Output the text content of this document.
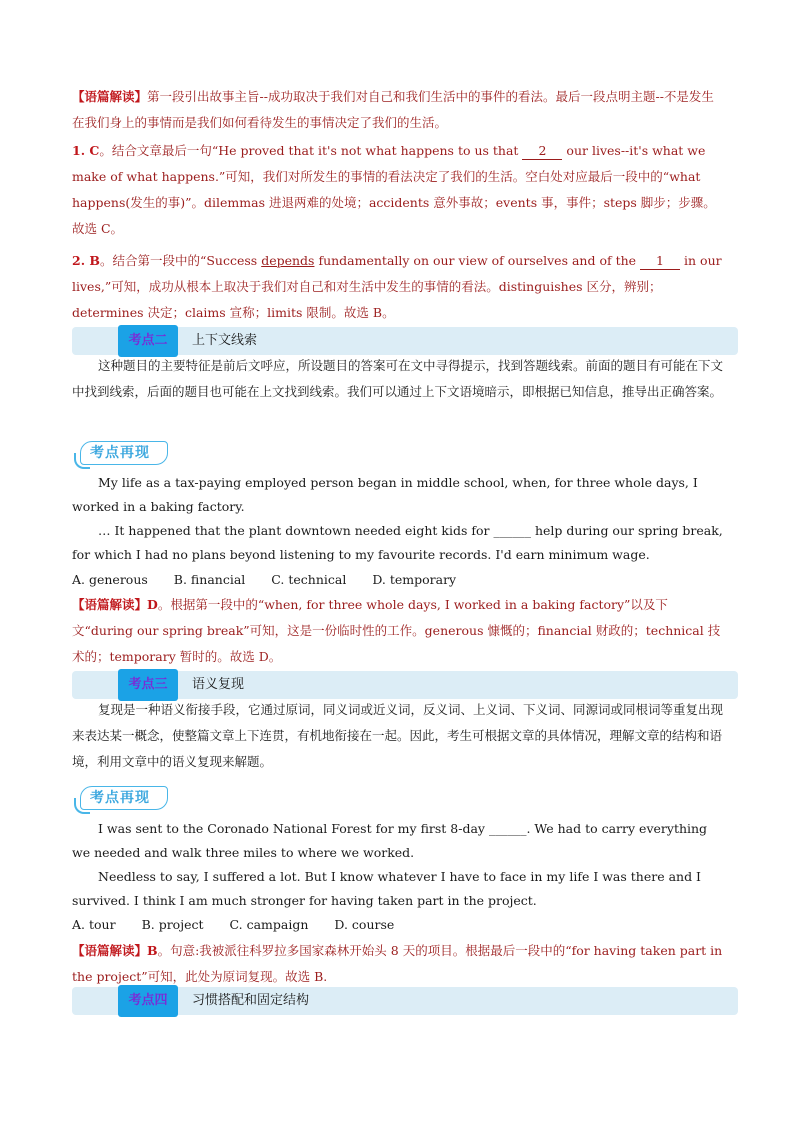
【语篇解读】第一段引出故事主旨--成功取决于我们对自己和我们生活中的事件的看法。最后一段点明主题--不是发生在我们身上的事情而是我们如何看待发生的事情决定了我们的生活。

1. C。结合文章最后一句“He proved that it's not what happens to us that 2 our lives--it's what we make of what happens.”可知，我们对所发生的事情的看法决定了我们的生活。空白处对应最后一段中的“what happens(发生的事)”。dilemmas 进退两难的处境；accidents 意外事故；events 事，事件；steps 脚步；步骤。故选 C。

2. B。结合第一段中的“Success depends fundamentally on our view of ourselves and of the 1 in our lives,”可知，成功从根本上取决于我们对自己和对生活中发生的事情的看法。distinguishes 区分，辨别；determines 决定；claims 宣称；limits 限制。故选 B。

考点二	上下文线索

这种题目的主要特征是前后文呼应，所设题目的答案可在文中寻得提示，找到答题线索。前面的题目有可能在下文中找到线索，后面的题目也可能在上文找到线索。我们可以通过上下文语境暗示，即根据已知信息，推导出正确答案。

考点再现

My life as a tax-paying employed person began in middle school, when, for three whole days, I worked in a baking factory.

… It happened that the plant downtown needed eight kids for ______ help during our spring break, for which I had no plans beyond listening to my favourite records. I'd earn minimum wage.

A. generous B. financial C. technical D. temporary

【语篇解读】D。根据第一段中的“when, for three whole days, I worked in a baking factory”以及下文“during our spring break”可知，这是一份临时性的工作。generous 慷慨的；financial 财政的；technical 技术的；temporary 暂时的。故选 D。

考点三	语义复现

复现是一种语义衔接手段，它通过原词，同义词或近义词，反义词、上义词、下义词、同源词或同根词等重复出现来表达某一概念，使整篇文章上下连贯，有机地衔接在一起。因此，考生可根据文章的具体情况，理解文章的结构和语境，利用文章中的语义复现来解题。

考点再现

I was sent to the Coronado National Forest for my first 8-day ______. We had to carry everything we needed and walk three miles to where we worked.

Needless to say, I suffered a lot. But I know whatever I have to face in my life I was there and I survived. I think I am much stronger for having taken part in the project.

A. tour B. project C. campaign D. course

【语篇解读】B。句意:我被派往科罗拉多国家森林开始头 8 天的项目。根据最后一段中的“for having taken part in the project”可知，此处为原词复现。故选 B.

考点四	习惯搭配和固定结构
